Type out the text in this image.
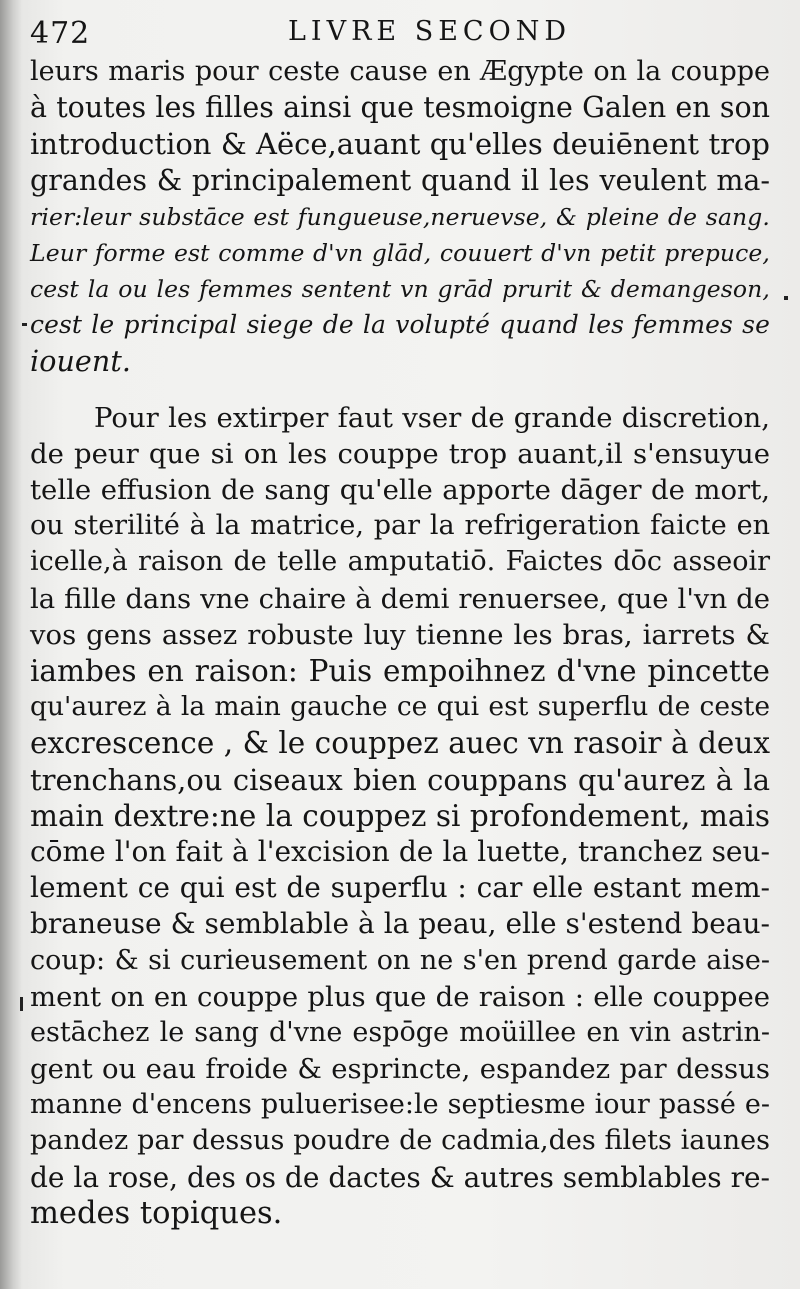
472	LIVRE SECOND
leurs maris pour ceste cause en Ægypte on la couppe
à toutes les filles ainsi que tesmoigne Galen en son
introduction & Aëce,auant qu'elles deuiēnent trop
grandes & principalement quand il les veulent ma-
rier:leur substāce est fungueuse,neruevse, & pleine de sang.
Leur forme est comme d'vn glād, couuert d'vn petit prepuce,
cest la ou les femmes sentent vn grād prurit & demangeson,
cest le principal siege de la volupté quand les femmes se
iouent.
Pour les extirper faut vser de grande discretion,
de peur que si on les couppe trop auant,il s'ensuyue
telle effusion de sang qu'elle apporte dāger de mort,
ou sterilité à la matrice, par la refrigeration faicte en
icelle,à raison de telle amputatiō. Faictes dōc asseoir
la fille dans vne chaire à demi renuersee, que l'vn de
vos gens assez robuste luy tienne les bras, iarrets &
iambes en raison: Puis empoihnez d'vne pincette
qu'aurez à la main gauche ce qui est superflu de ceste
excrescence , & le couppez auec vn rasoir à deux
trenchans,ou ciseaux bien couppans qu'aurez à la
main dextre:ne la couppez si profondement, mais
cōme l'on fait à l'excision de la luette, tranchez seu-
lement ce qui est de superflu : car elle estant mem-
braneuse & semblable à la peau, elle s'estend beau-
coup: & si curieusement on ne s'en prend garde aise-
ment on en couppe plus que de raison : elle couppee
estāchez le sang d'vne espōge moüillee en vin astrin-
gent ou eau froide & esprincte, espandez par dessus
manne d'encens puluerisee:le septiesme iour passé e-
pandez par dessus poudre de cadmia,des filets iaunes
de la rose, des os de dactes & autres semblables re-
medes topiques.
